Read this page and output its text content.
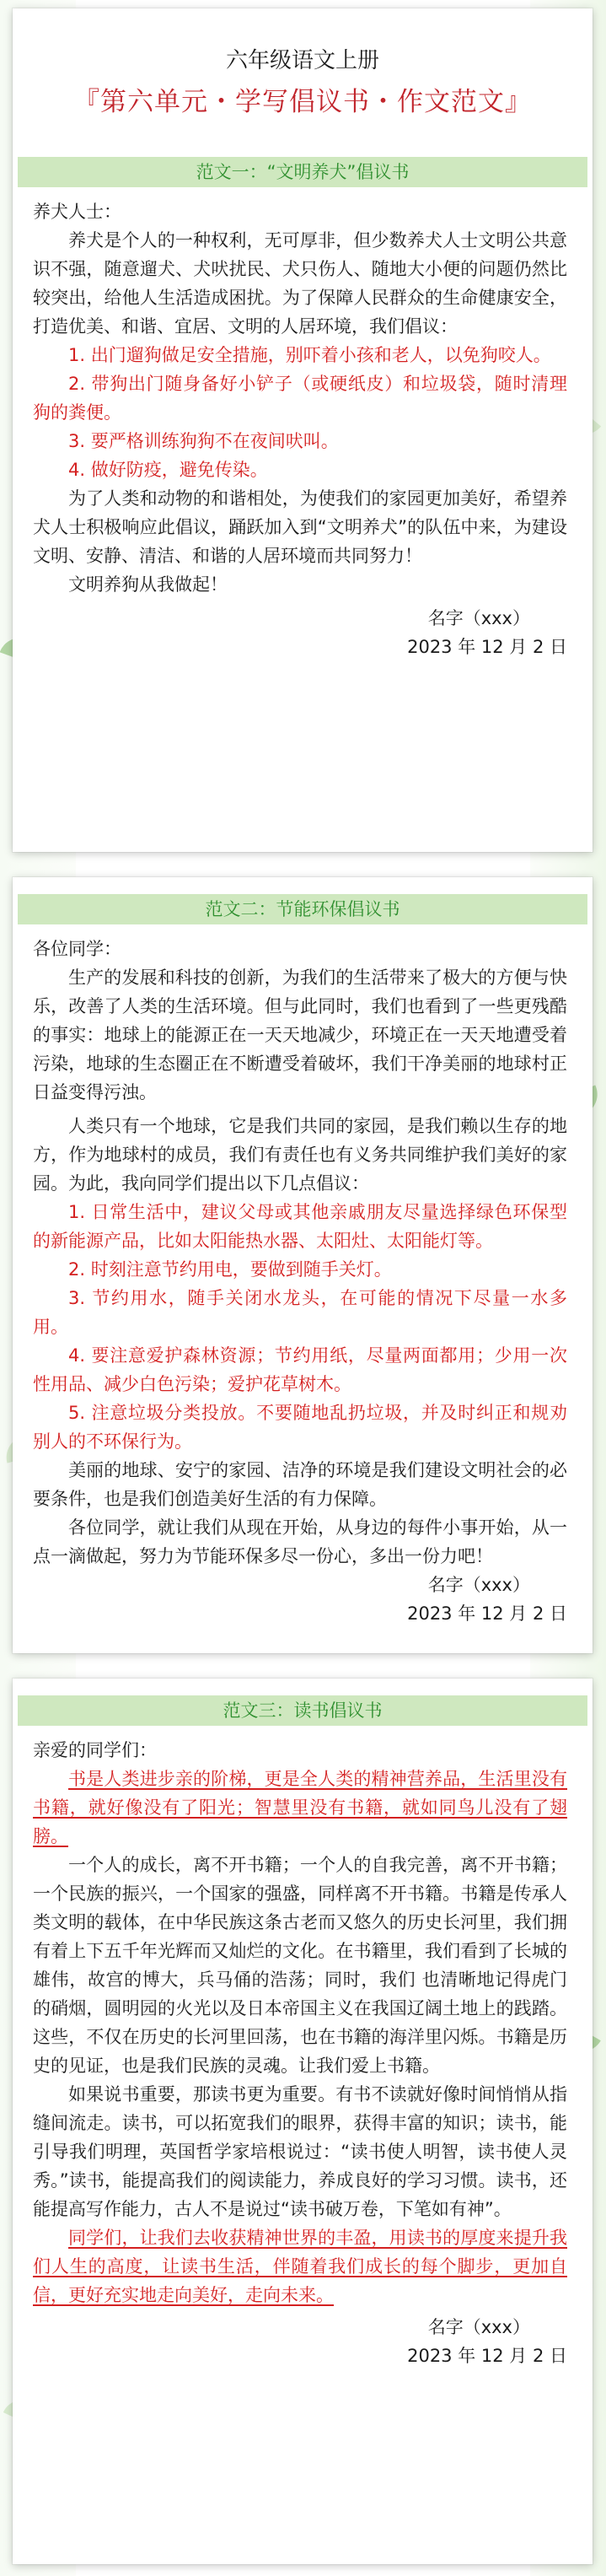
六年级语文上册
『第六单元・学写倡议书・作文范文』
范文一：“文明养犬”倡议书

养犬人士：

养犬是个人的一种权利，无可厚非，但少数养犬人士文明公共意识不强，随意遛犬、犬吠扰民、犬只伤人、随地大小便的问题仍然比较突出，给他人生活造成困扰。为了保障人民群众的生命健康安全，打造优美、和谐、宜居、文明的人居环境，我们倡议：

1. 出门遛狗做足安全措施，别吓着小孩和老人，以免狗咬人。

2. 带狗出门随身备好小铲子（或硬纸皮）和垃圾袋，随时清理狗的粪便。

3. 要严格训练狗狗不在夜间吠叫。

4. 做好防疫，避免传染。

为了人类和动物的和谐相处，为使我们的家园更加美好，希望养犬人士积极响应此倡议，踊跃加入到“文明养犬”的队伍中来，为建设文明、安静、清洁、和谐的人居环境而共同努力！

文明养狗从我做起！

名字（xxx）

2023 年 12 月 2 日

范文二：节能环保倡议书

各位同学：

生产的发展和科技的创新，为我们的生活带来了极大的方便与快乐，改善了人类的生活环境。但与此同时，我们也看到了一些更残酷的事实：地球上的能源正在一天天地减少，环境正在一天天地遭受着污染，地球的生态圈正在不断遭受着破坏，我们干净美丽的地球村正日益变得污浊。

人类只有一个地球，它是我们共同的家园，是我们赖以生存的地方，作为地球村的成员，我们有责任也有义务共同维护我们美好的家园。为此，我向同学们提出以下几点倡议：

1. 日常生活中，建议父母或其他亲戚朋友尽量选择绿色环保型的新能源产品，比如太阳能热水器、太阳灶、太阳能灯等。

2. 时刻注意节约用电，要做到随手关灯。

3. 节约用水，随手关闭水龙头，在可能的情况下尽量一水多用。

4. 要注意爱护森林资源；节约用纸，尽量两面都用；少用一次性用品、减少白色污染；爱护花草树木。

5. 注意垃圾分类投放。不要随地乱扔垃圾，并及时纠正和规劝别人的不环保行为。

美丽的地球、安宁的家园、洁净的环境是我们建设文明社会的必要条件，也是我们创造美好生活的有力保障。

各位同学，就让我们从现在开始，从身边的每件小事开始，从一点一滴做起，努力为节能环保多尽一份心，多出一份力吧！

名字（xxx）

2023 年 12 月 2 日

范文三：读书倡议书

亲爱的同学们：

书是人类进步亲的阶梯，更是全人类的精神营养品，生活里没有书籍，就好像没有了阳光；智慧里没有书籍，就如同鸟儿没有了翅膀。

一个人的成长，离不开书籍；一个人的自我完善，离不开书籍；一个民族的振兴，一个国家的强盛，同样离不开书籍。书籍是传承人类文明的载体，在中华民族这条古老而又悠久的历史长河里，我们拥有着上下五千年光辉而又灿烂的文化。在书籍里，我们看到了长城的雄伟，故宫的博大，兵马俑的浩荡；同时，我们 也清晰地记得虎门的硝烟，圆明园的火光以及日本帝国主义在我国辽阔土地上的践踏。这些，不仅在历史的长河里回荡，也在书籍的海洋里闪烁。书籍是历史的见证，也是我们民族的灵魂。让我们爱上书籍。

如果说书重要，那读书更为重要。有书不读就好像时间悄悄从指缝间流走。读书，可以拓宽我们的眼界，获得丰富的知识；读书，能引导我们明理，英国哲学家培根说过：“读书使人明智，读书使人灵秀。”读书，能提高我们的阅读能力，养成良好的学习习惯。读书，还能提高写作能力，古人不是说过“读书破万卷，下笔如有神”。

同学们，让我们去收获精神世界的丰盈，用读书的厚度来提升我们人生的高度，让读书生活，伴随着我们成长的每个脚步，更加自信，更好充实地走向美好，走向未来。

名字（xxx）

2023 年 12 月 2 日
